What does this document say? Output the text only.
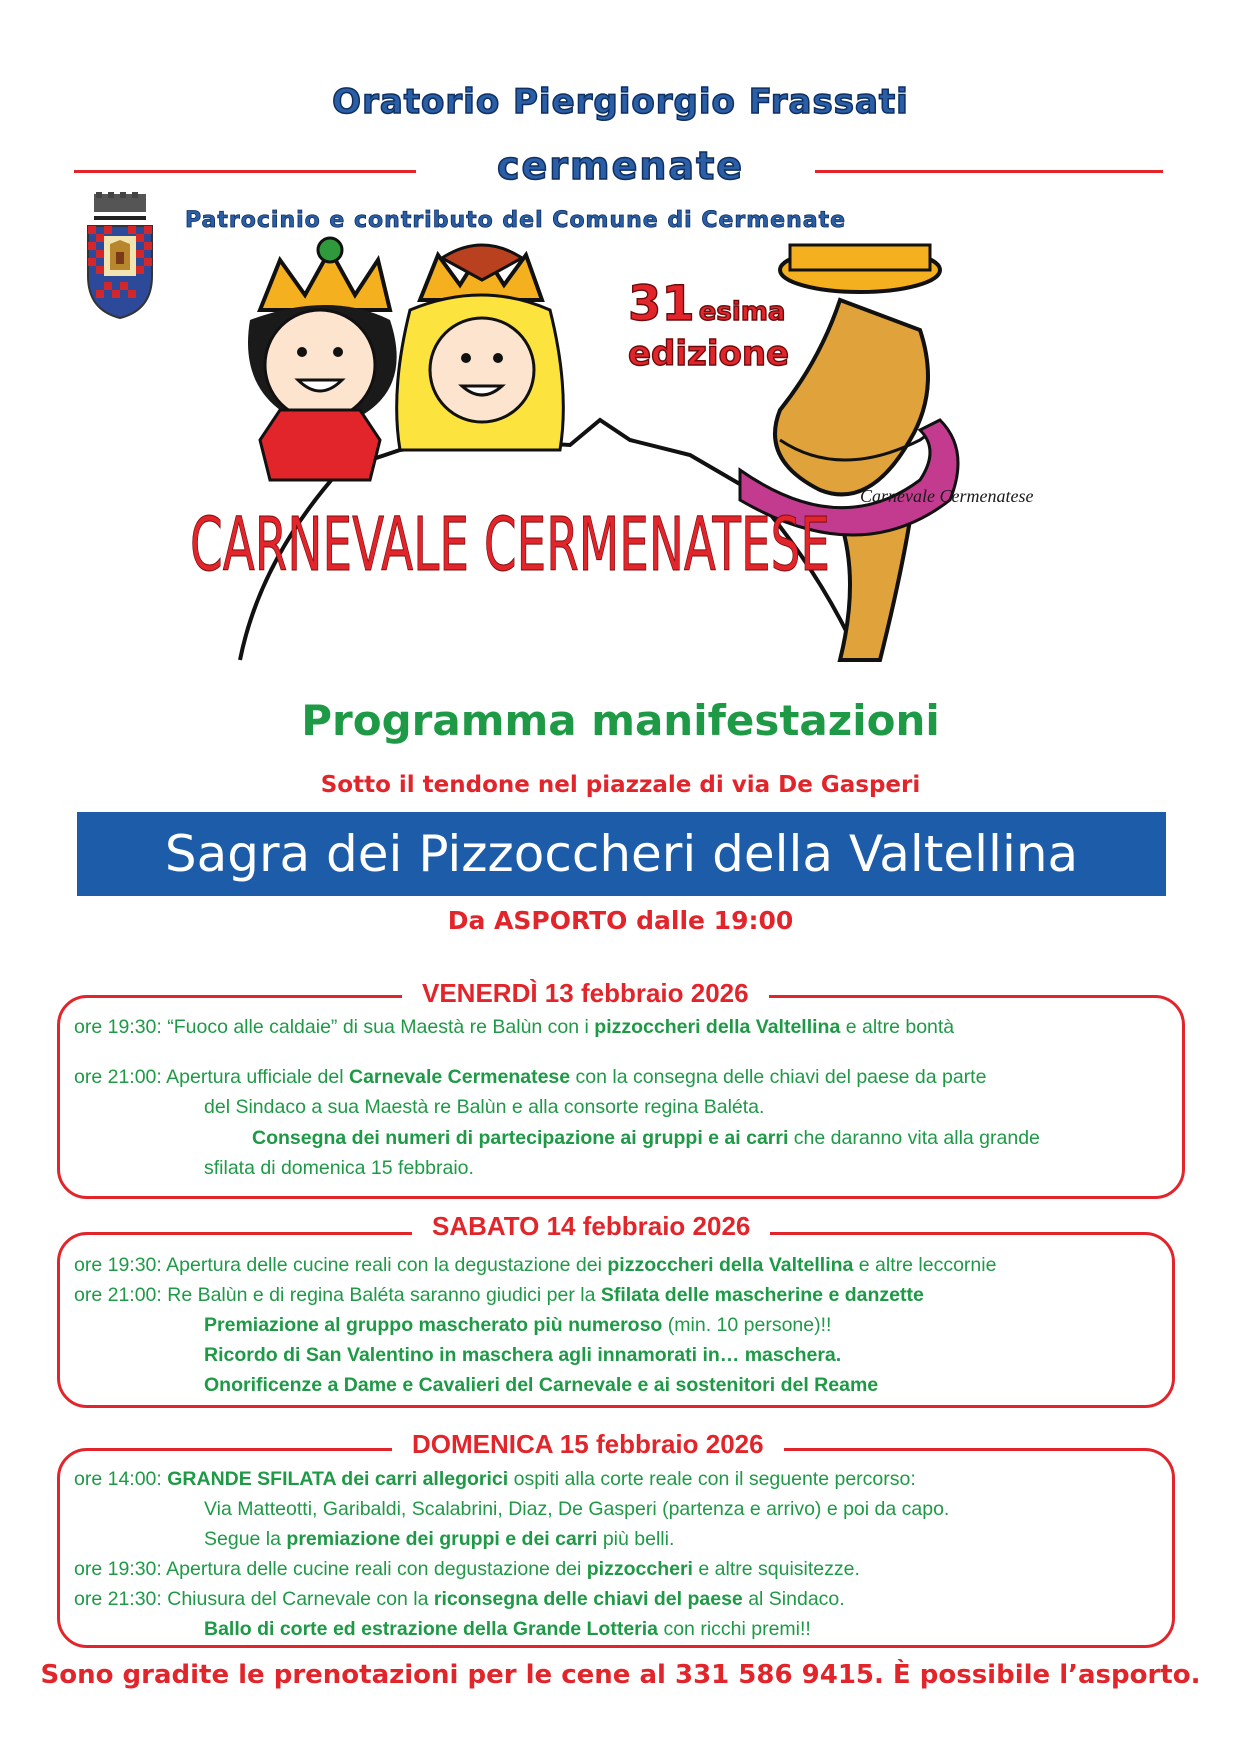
Oratorio Piergiorgio Frassati
cermenate
Patrocinio e contributo del Comune di Cermenate
Carnevale Cermenatese
CARNEVALE CERMENATESE
31 esima
edizione
Programma manifestazioni
Sotto il tendone nel piazzale di via De Gasperi
Sagra dei Pizzoccheri della Valtellina
Da ASPORTO dalle 19:00
VENERDÌ 13 febbraio 2026
ore 19:30: “Fuoco alle caldaie” di sua Maestà re Balùn con i pizzoccheri della Valtellina e altre bontà
ore 21:00: Apertura ufficiale del Carnevale Cermenatese con la consegna delle chiavi del paese da parte
del Sindaco a sua Maestà re Balùn e alla consorte regina Baléta.
Consegna dei numeri di partecipazione ai gruppi e ai carri che daranno vita alla grande
sfilata di domenica 15 febbraio.
SABATO 14 febbraio 2026
ore 19:30: Apertura delle cucine reali con la degustazione dei pizzoccheri della Valtellina e altre leccornie
ore 21:00: Re Balùn e di regina Baléta saranno giudici per la Sfilata delle mascherine e danzette
Premiazione al gruppo mascherato più numeroso (min. 10 persone)!!
Ricordo di San Valentino in maschera agli innamorati in… maschera.
Onorificenze a Dame e Cavalieri del Carnevale e ai sostenitori del Reame
DOMENICA 15 febbraio 2026
ore 14:00: GRANDE SFILATA dei carri allegorici ospiti alla corte reale con il seguente percorso:
Via Matteotti, Garibaldi, Scalabrini, Diaz, De Gasperi (partenza e arrivo) e poi da capo.
Segue la premiazione dei gruppi e dei carri più belli.
ore 19:30: Apertura delle cucine reali con degustazione dei pizzoccheri e altre squisitezze.
ore 21:30: Chiusura del Carnevale con la riconsegna delle chiavi del paese al Sindaco.
Ballo di corte ed estrazione della Grande Lotteria con ricchi premi!!
Sono gradite le prenotazioni per le cene al 331 586 9415. È possibile l’asporto.
